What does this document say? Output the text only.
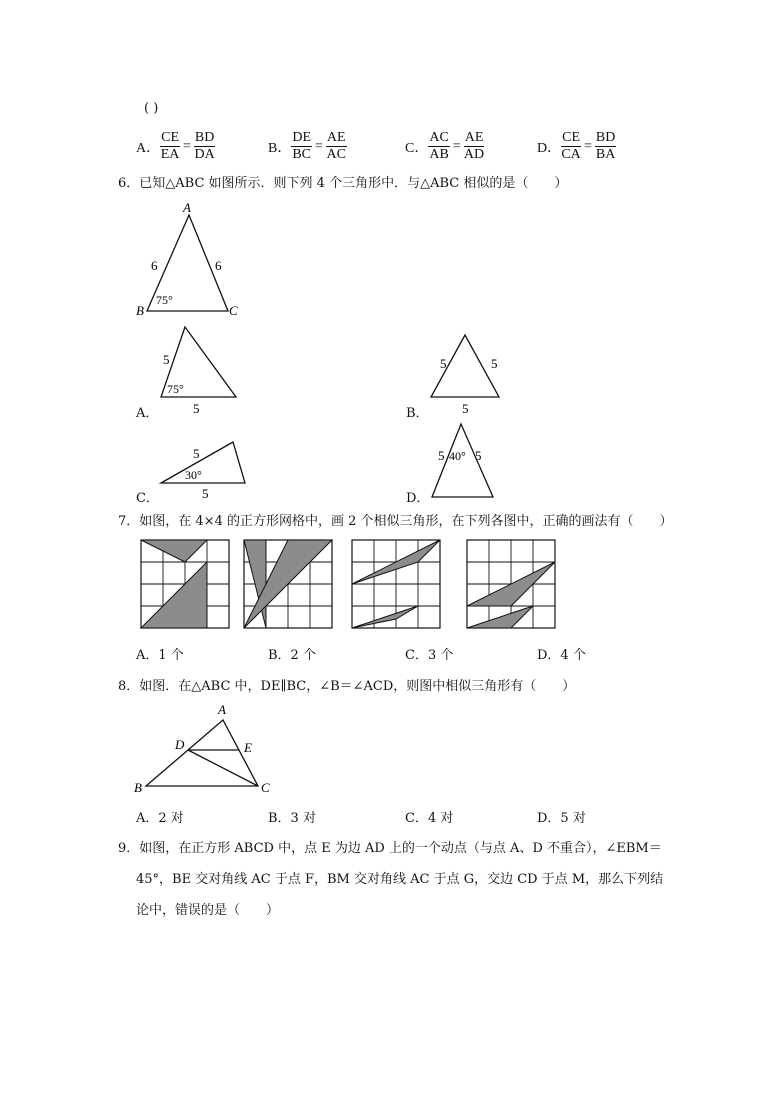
( )
A． $\frac{CE}{EA} = \frac{BD}{DA}$	B． $\frac{DE}{BC} = \frac{AE}{AC}$	C． $\frac{AC}{AB} = \frac{AE}{AD}$	D． $\frac{CE}{CA} = \frac{BD}{BA}$
6．已知△ABC 如图所示．则下列 4 个三角形中．与△ABC 相似的是（　　）
A
B	C
6	6
75°
5
75°
5
5	5
5
5
30°
5
5 5
40°
A．	B．
C．	D．
7．如图，在 4×4 的正方形网格中，画 2 个相似三角形，在下列各图中，正确的画法有（　　）
A．1 个	B．2 个	C．3 个	D．4 个
8．如图．在△ABC 中，DE∥BC，∠B＝∠ACD，则图中相似三角形有（　　）
A
B	C
D	E
A．2 对	B．3 对	C．4 对	D．5 对
9．如图，在正方形 ABCD 中，点 E 为边 AD 上的一个动点（与点 A、D 不重合），∠EBM＝
45°，BE 交对角线 AC 于点 F，BM 交对角线 AC 于点 G，交边 CD 于点 M，那么下列结
论中，错误的是（　　）
